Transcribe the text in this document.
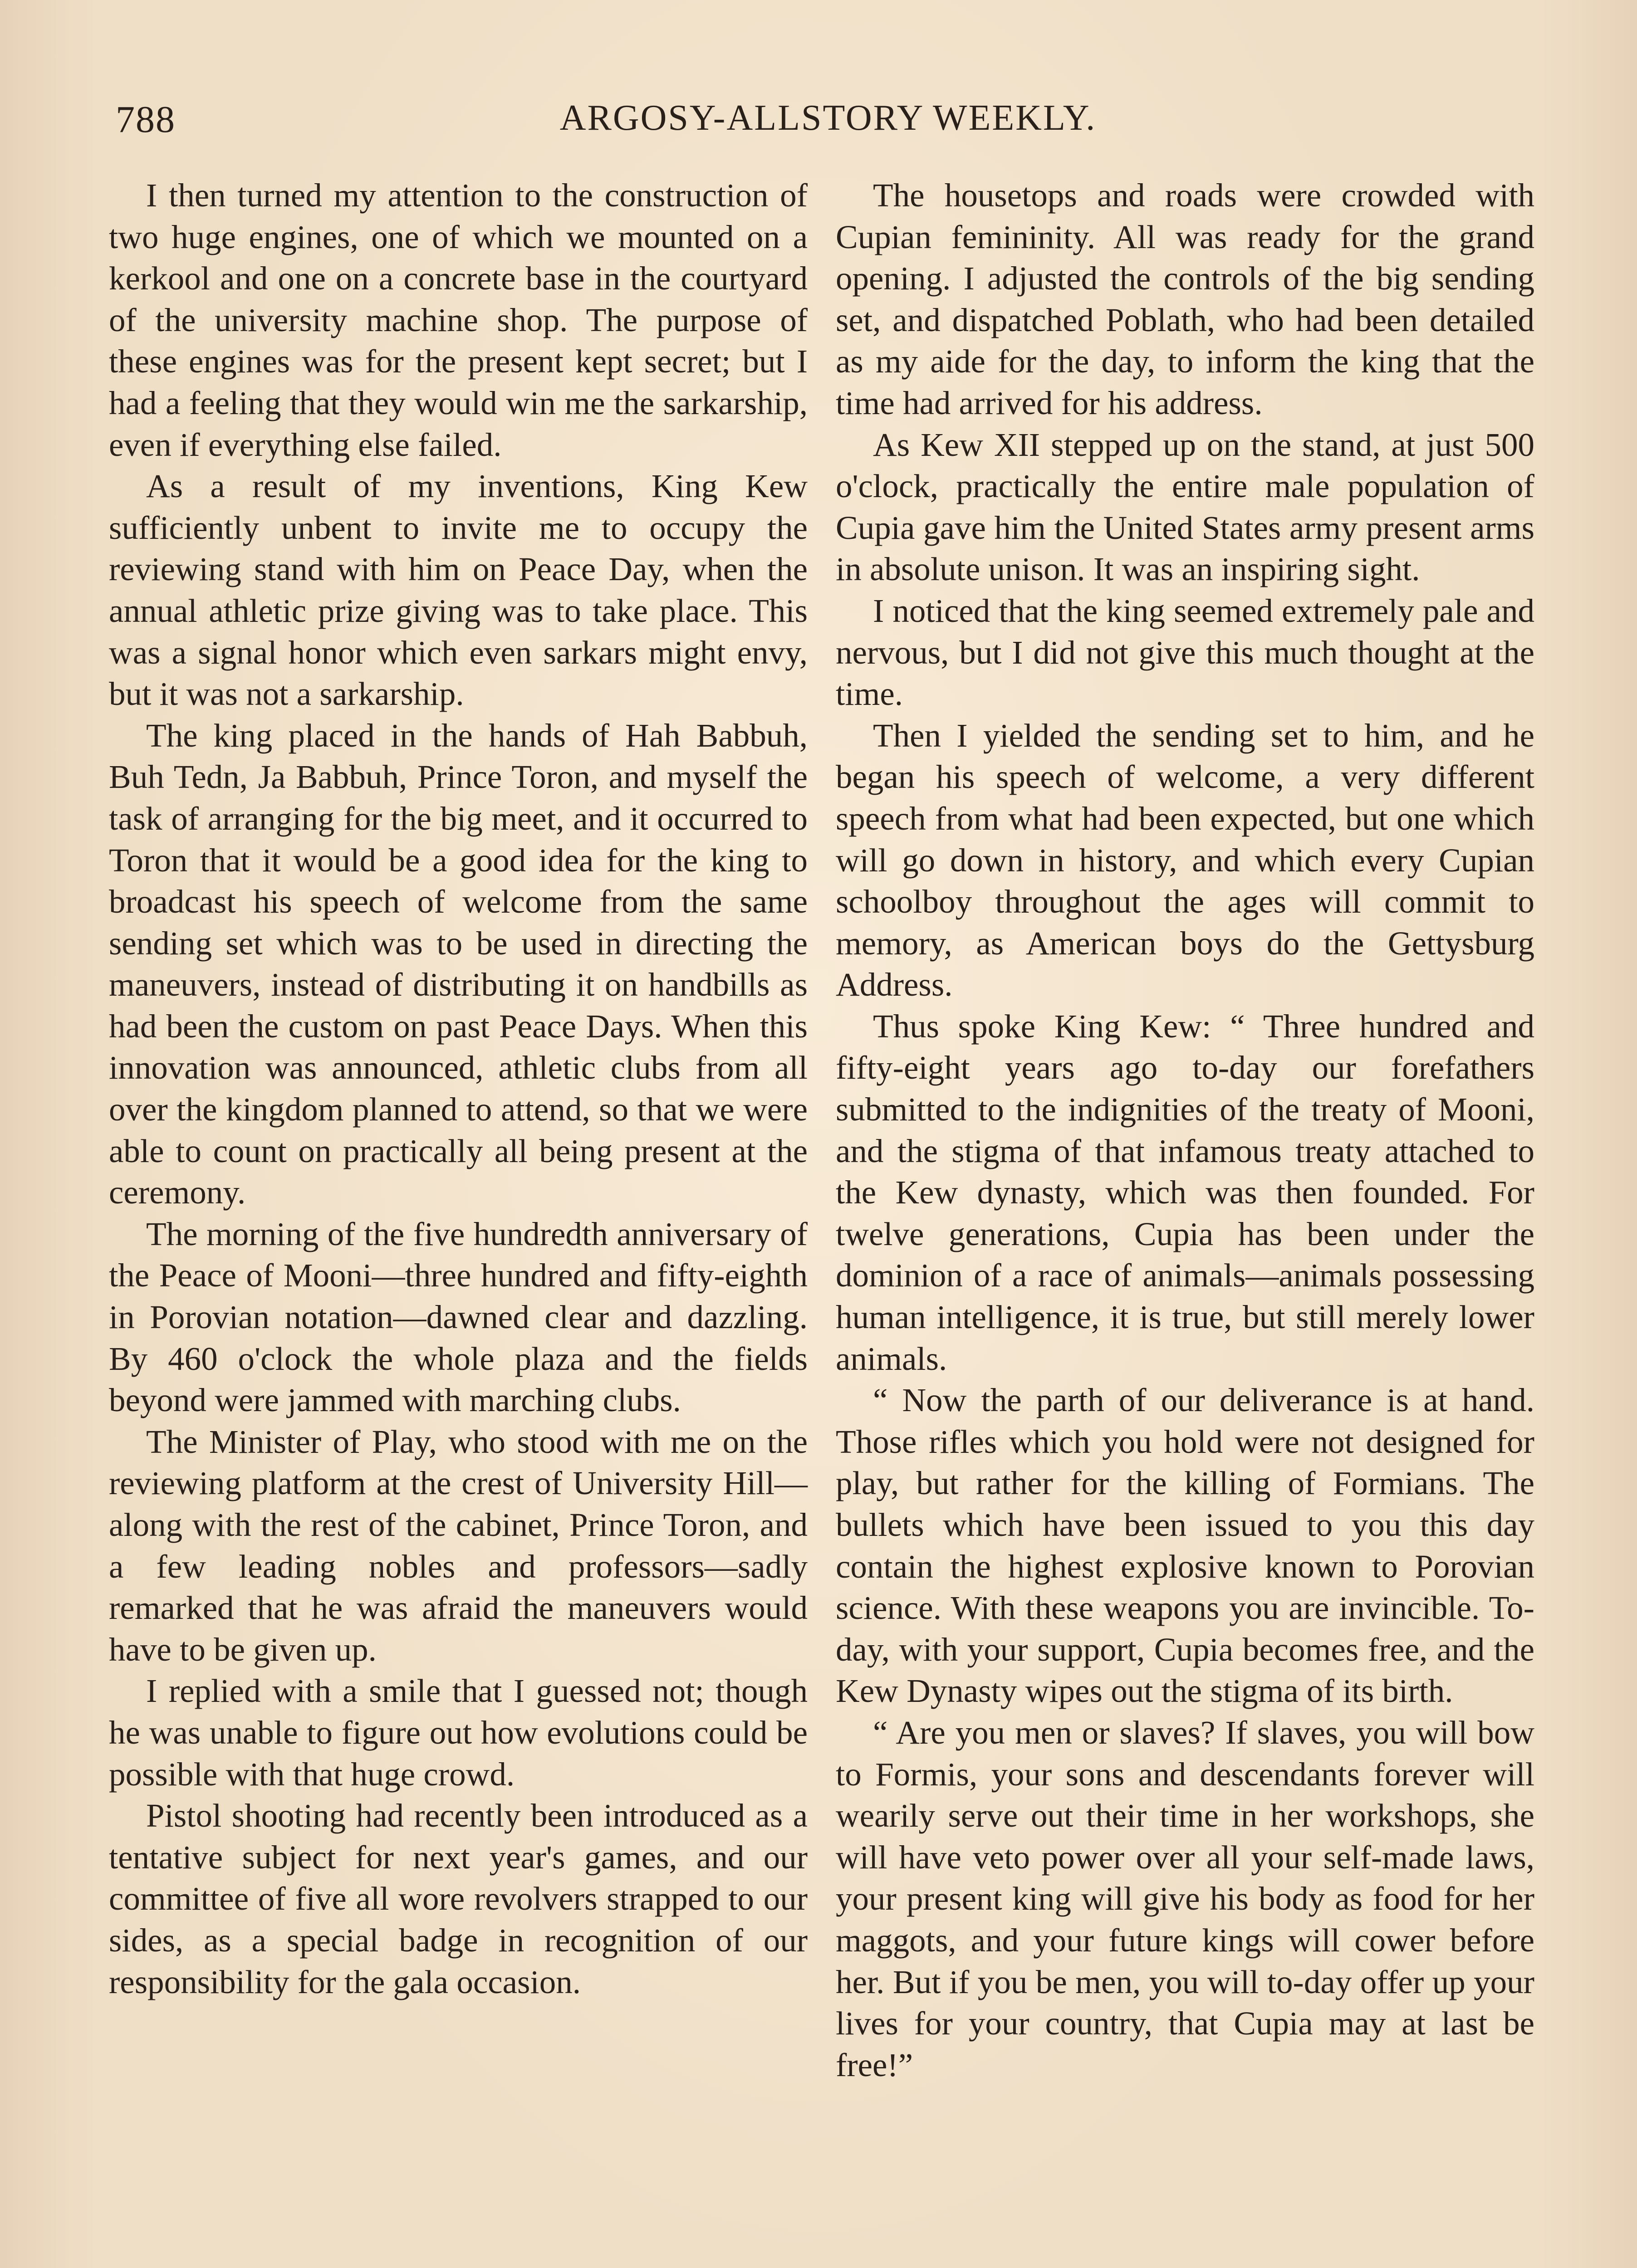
788	ARGOSY-ALLSTORY WEEKLY.

I then turned my attention to the construction of two huge engines, one of which we mounted on a kerkool and one on a concrete base in the courtyard of the university machine shop. The purpose of these engines was for the present kept secret; but I had a feeling that they would win me the sarkarship, even if everything else failed.

As a result of my inventions, King Kew sufficiently unbent to invite me to occupy the reviewing stand with him on Peace Day, when the annual athletic prize giving was to take place. This was a signal honor which even sarkars might envy, but it was not a sarkarship.

The king placed in the hands of Hah Babbuh, Buh Tedn, Ja Babbuh, Prince Toron, and myself the task of arranging for the big meet, and it occurred to Toron that it would be a good idea for the king to broadcast his speech of welcome from the same sending set which was to be used in directing the maneuvers, instead of distributing it on handbills as had been the custom on past Peace Days. When this innovation was announced, athletic clubs from all over the kingdom planned to attend, so that we were able to count on practically all being present at the ceremony.

The morning of the five hundredth anniversary of the Peace of Mooni—three hundred and fifty-eighth in Porovian notation—dawned clear and dazzling. By 460 o'clock the whole plaza and the fields beyond were jammed with marching clubs.

The Minister of Play, who stood with me on the reviewing platform at the crest of University Hill—along with the rest of the cabinet, Prince Toron, and a few leading nobles and professors—sadly remarked that he was afraid the maneuvers would have to be given up.

I replied with a smile that I guessed not; though he was unable to figure out how evolutions could be possible with that huge crowd.

Pistol shooting had recently been introduced as a tentative subject for next year's games, and our committee of five all wore revolvers strapped to our sides, as a special badge in recognition of our responsibility for the gala occasion.

The housetops and roads were crowded with Cupian femininity. All was ready for the grand opening. I adjusted the controls of the big sending set, and dispatched Poblath, who had been detailed as my aide for the day, to inform the king that the time had arrived for his address.

As Kew XII stepped up on the stand, at just 500 o'clock, practically the entire male population of Cupia gave him the United States army present arms in absolute unison. It was an inspiring sight.

I noticed that the king seemed extremely pale and nervous, but I did not give this much thought at the time.

Then I yielded the sending set to him, and he began his speech of welcome, a very different speech from what had been expected, but one which will go down in history, and which every Cupian schoolboy throughout the ages will commit to memory, as American boys do the Gettysburg Address.

Thus spoke King Kew: “ Three hundred and fifty-eight years ago to-day our forefathers submitted to the indignities of the treaty of Mooni, and the stigma of that infamous treaty attached to the Kew dynasty, which was then founded. For twelve generations, Cupia has been under the dominion of a race of animals—animals possessing human intelligence, it is true, but still merely lower animals.

“ Now the parth of our deliverance is at hand. Those rifles which you hold were not designed for play, but rather for the killing of Formians. The bullets which have been issued to you this day contain the highest explosive known to Porovian science. With these weapons you are invincible. To-day, with your support, Cupia becomes free, and the Kew Dynasty wipes out the stigma of its birth.

“ Are you men or slaves? If slaves, you will bow to Formis, your sons and descendants forever will wearily serve out their time in her workshops, she will have veto power over all your self-made laws, your present king will give his body as food for her maggots, and your future kings will cower before her. But if you be men, you will to-day offer up your lives for your country, that Cupia may at last be free!”
